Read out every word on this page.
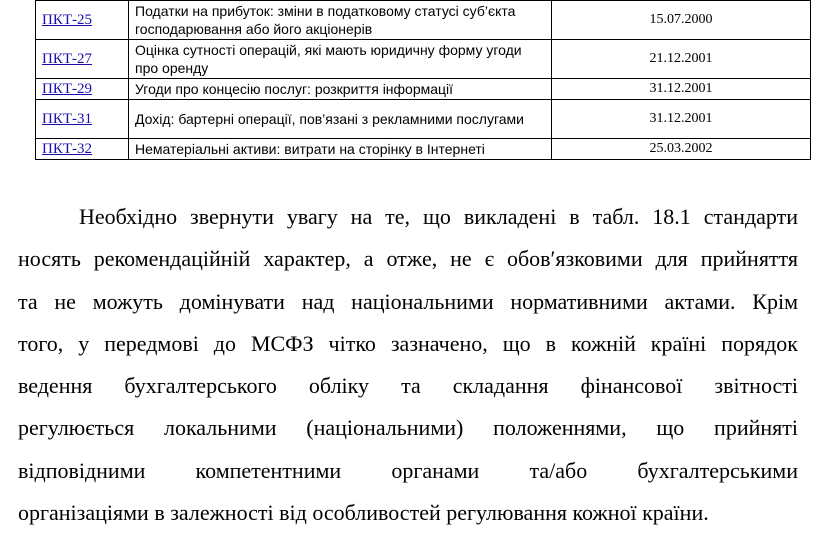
ПКТ-25	Податки на прибуток: зміни в податковому статусі суб’єкта господарювання або його акціонерів	15.07.2000
ПКТ-27	Оцінка сутності операцій, які мають юридичну форму угоди про оренду	21.12.2001
ПКТ-29	Угоди про концесію послуг: розкриття інформації	31.12.2001
ПКТ-31	Дохід: бартерні операції, пов’язані з рекламними послугами	31.12.2001
ПКТ-32	Нематеріальні активи: витрати на сторінку в Інтернеті	25.03.2002

Необхідно звернути увагу на те, що викладені в табл. 18.1 стандарти
носять рекомендаційній характер, а отже, не є обов′язковими для прийняття
та не можуть домінувати над національними нормативними актами. Крім
того, у передмові до МСФЗ чітко зазначено, що в кожній країні порядок
ведення бухгалтерського обліку та складання фінансової звітності
регулюється локальними (національними) положеннями, що прийняті
відповідними компетентними органами та/або бухгалтерськими
організаціями в залежності від особливостей регулювання кожної країни.
